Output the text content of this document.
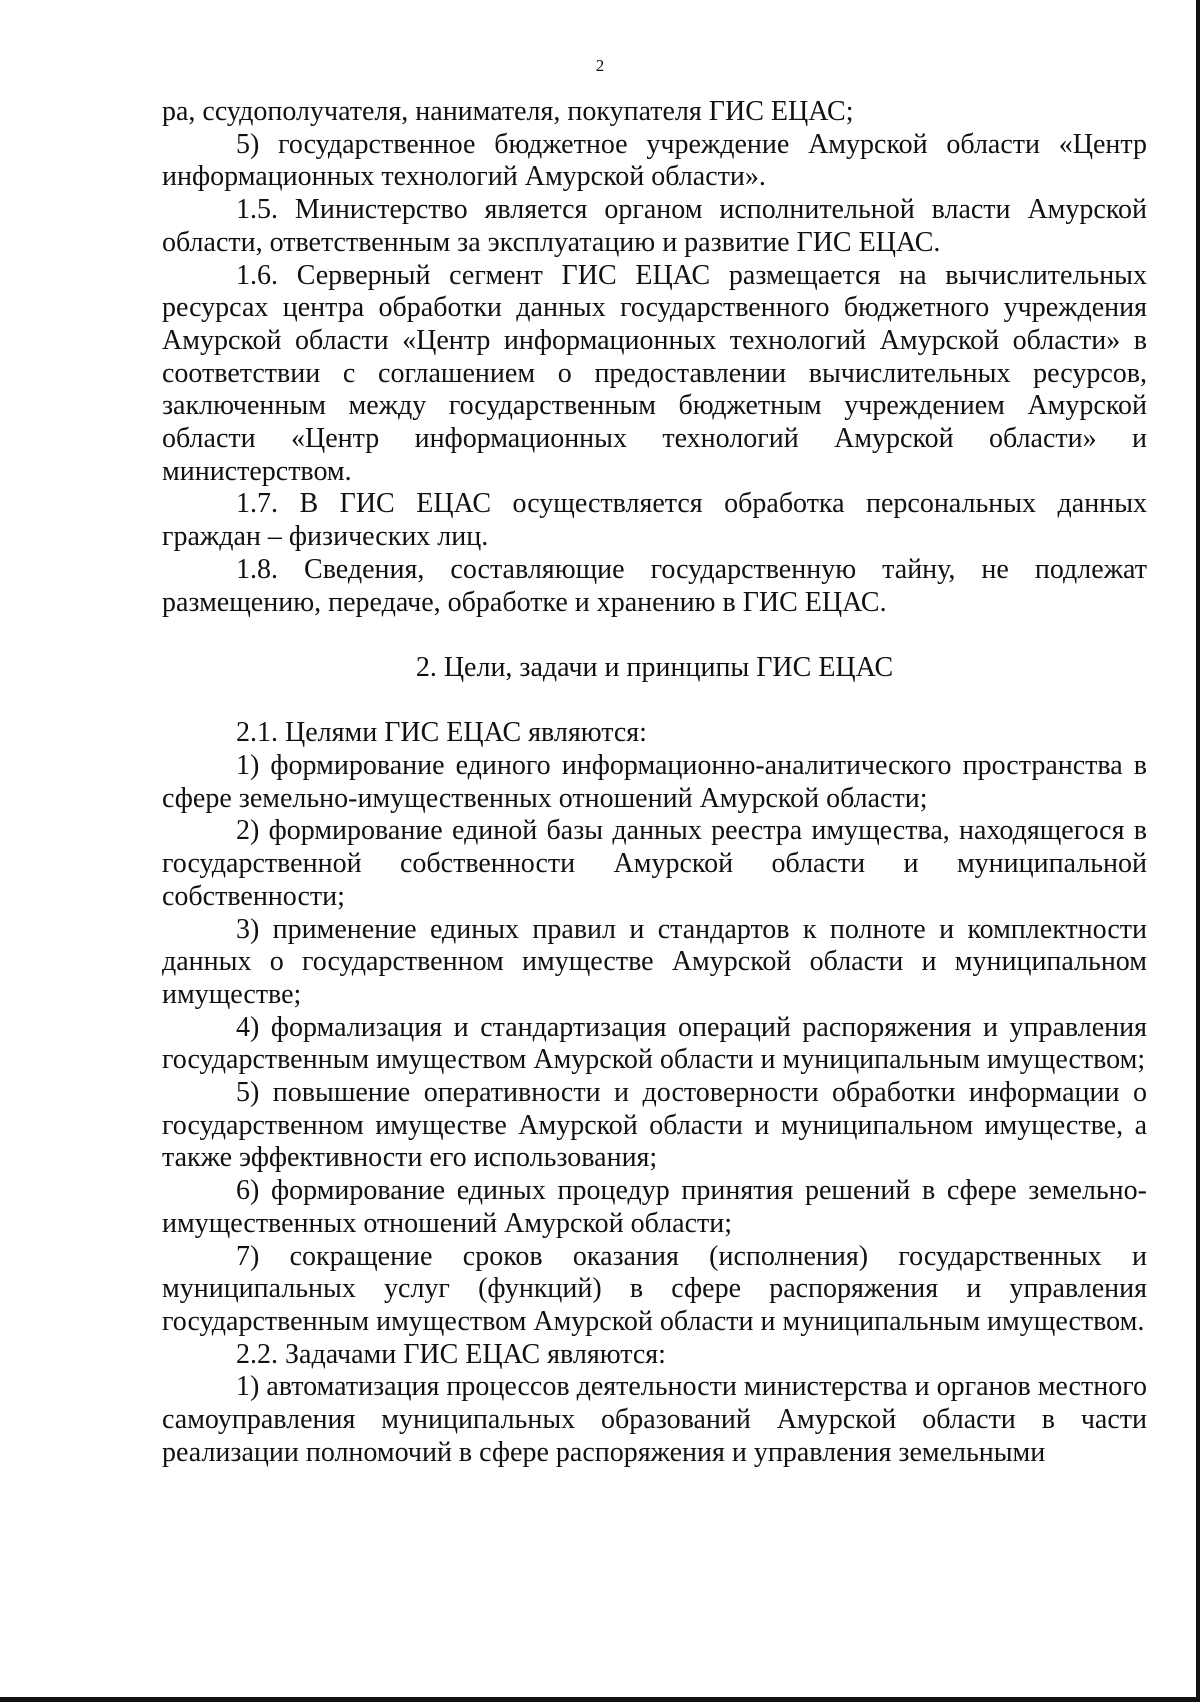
2

ра, ссудополучателя, нанимателя, покупателя ГИС ЕЦАС;

5) государственное бюджетное учреждение Амурской области «Центр информационных технологий Амурской области».

1.5. Министерство является органом исполнительной власти Амурской области, ответственным за эксплуатацию и развитие ГИС ЕЦАС.

1.6. Серверный сегмент ГИС ЕЦАС размещается на вычислительных ресурсах центра обработки данных государственного бюджетного учреждения Амурской области «Центр информационных технологий Амурской области» в соответствии с соглашением о предоставлении вычислительных ресурсов, заключенным между государственным бюджетным учреждением Амурской области «Центр информационных технологий Амурской области» и министерством.

1.7. В ГИС ЕЦАС осуществляется обработка персональных данных граждан – физических лиц.

1.8. Сведения, составляющие государственную тайну, не подлежат размещению, передаче, обработке и хранению в ГИС ЕЦАС.

2. Цели, задачи и принципы ГИС ЕЦАС

2.1. Целями ГИС ЕЦАС являются:

1) формирование единого информационно-аналитического пространства в сфере земельно-имущественных отношений Амурской области;

2) формирование единой базы данных реестра имущества, находящегося в государственной собственности Амурской области и муниципальной собственности;

3) применение единых правил и стандартов к полноте и комплектности данных о государственном имуществе Амурской области и муниципальном имуществе;

4) формализация и стандартизация операций распоряжения и управления государственным имуществом Амурской области и муниципальным имуществом;

5) повышение оперативности и достоверности обработки информации о государственном имуществе Амурской области и муниципальном имуществе, а также эффективности его использования;

6) формирование единых процедур принятия решений в сфере земельно-имущественных отношений Амурской области;

7) сокращение сроков оказания (исполнения) государственных и муниципальных услуг (функций) в сфере распоряжения и управления государственным имуществом Амурской области и муниципальным имуществом.

2.2. Задачами ГИС ЕЦАС являются:

1) автоматизация процессов деятельности министерства и органов местного самоуправления муниципальных образований Амурской области в части реализации полномочий в сфере распоряжения и управления земельными
